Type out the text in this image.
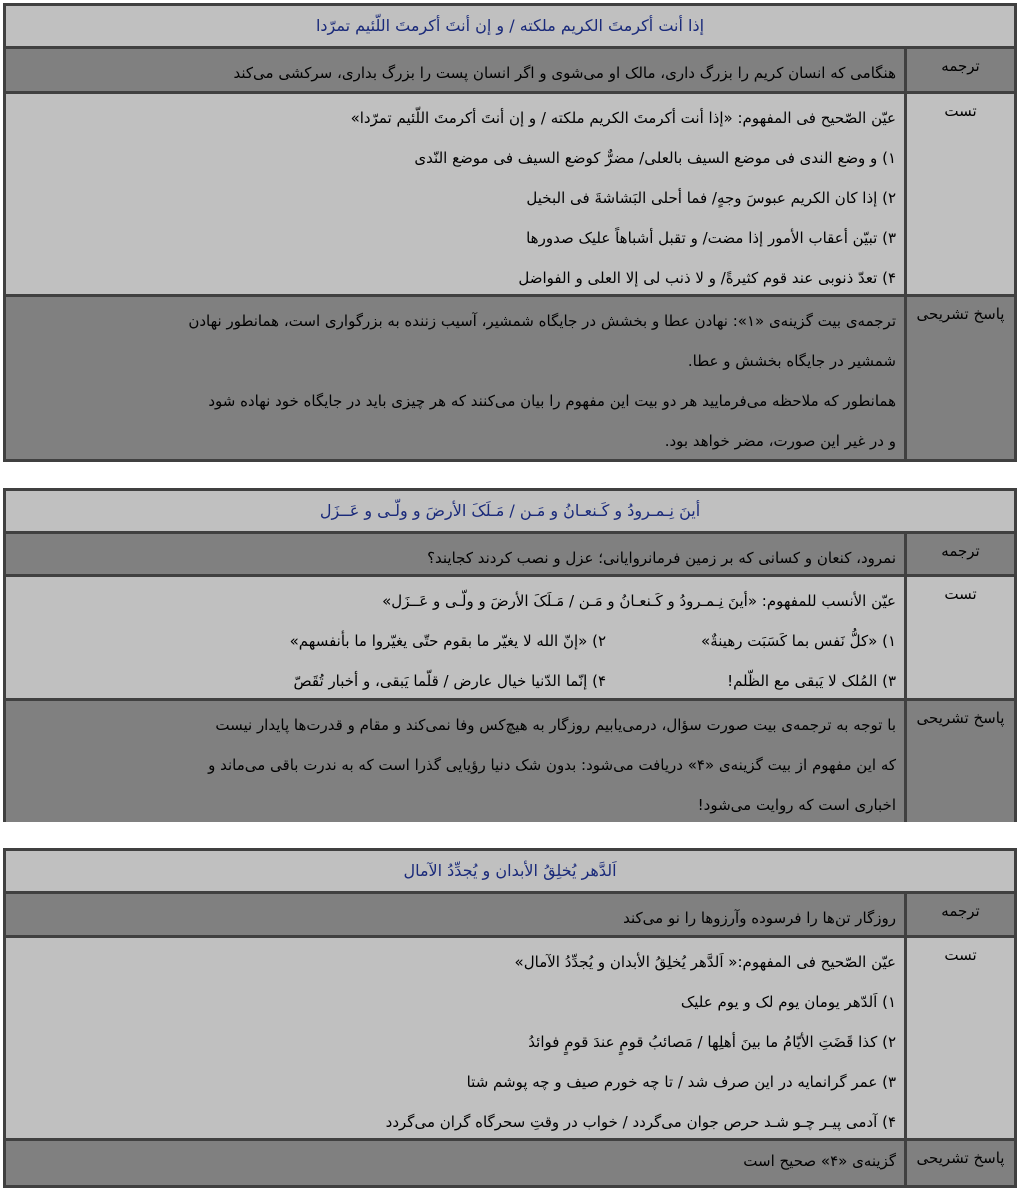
إذا أنت أکرمتَ الکریم ملکته / و إن أنتَ أکرمتَ اللّئیم تمرّدا
ترجمه
هنگامی که انسان کریم را بزرگ داری، مالک او می‌شوی و اگر انسان پست را بزرگ بداری، سرکشی می‌کند
تست
عیّن الصّحیح فی المفهوم: «إذا أنت أکرمتَ الکریم ملکته / و إن أنتَ أکرمتَ اللّئیم تمرّدا»
۱) و وضع الندی فی موضع السیف بالعلی/ مضرٌّ کوضع السیف فی موضع النّدی
۲) إذا کان الکریم عبوسَ وجهٍ/ فما أحلی البَشاشةَ فی البخیل
۳) تبیّن أعقاب الأمور إذا مضت/ و تقبل أشباهاً علیک صدورها
۴) تعدّ ذنوبی عند قوم کثیرةً/ و لا ذنب لی إلا العلی و الفواضل
پاسخ تشریحی
ترجمه‌ی بیت گزینه‌ی «۱»: نهادن عطا و بخشش در جایگاه شمشیر، آسیب زننده به بزرگواری است، همانطور نهادن
شمشیر در جایگاه بخشش و عطا.
همانطور که ملاحظه می‌فرمایید هر دو بیت این مفهوم را بیان می‌کنند که هر چیزی باید در جایگاه خود نهاده شود
و در غیر این صورت، مضر خواهد بود.
أینَ نِـمـرودُ و کَـنعـانُ و مَـن / مَـلَکَ الأرضَ و ولّـی و عَــزَل
ترجمه
نمرود، کنعان و کسانی که بر زمین فرمانروایانی؛ عزل و نصب کردند کجایند؟
تست
عیّن الأنسب للمفهوم: «أینَ نِـمـرودُ و کَـنعـانُ و مَـن / مَـلَکَ الأرضَ و ولّـی و عَــزَل»
۱) «کلُّ نَفس بما کَسَبَت رهینةٌ»
۲) «إنّ الله لا یغیّر ما بقوم حتّی یغیّروا ما بأنفسهم»
۳) المُلک لا یَبقی مع الظّلم!
۴) إنّما الدّنیا خیال عارض / قلّما یَبقی، و أخبار تُقَصّ
پاسخ تشریحی
با توجه به ترجمه‌ی بیت صورت سؤال، درمی‌یابیم روزگار به هیچ‌کس وفا نمی‌کند و مقام و قدرت‌ها پایدار نیست
که این مفهوم از بیت گزینه‌ی «۴» دریافت می‌شود: بدون شک دنیا رؤیایی گذرا است که به ندرت باقی می‌ماند و
اخباری است که روایت می‌شود!
اَلدَّهر یُخلِقُ الأبدان و یُجدِّدُ الآمال
ترجمه
روزگار تن‌ها را فرسوده وآرزوها را نو می‌کند
تست
عیّن الصّحیح فی المفهوم:« اَلدَّهر یُخلِقُ الأبدان و یُجدِّدُ الآمال»
۱) اَلدّهر یومان یوم لک و یوم علیک
۲) کذا قَضَتِ الأیّامُ ما بینَ أهلِها / مَصائبُ قومٍ عندَ قومٍ فوائدُ
۳) عمر گرانمایه در این صرف شد / تا چه خورم صیف و چه پوشم شتا
۴) آدمی پیـر چـو شـد حرص جوان می‌گردد / خواب در وقتِ سحرگاه گران می‌گردد
پاسخ تشریحی
گزینه‌ی «۴» صحیح است
